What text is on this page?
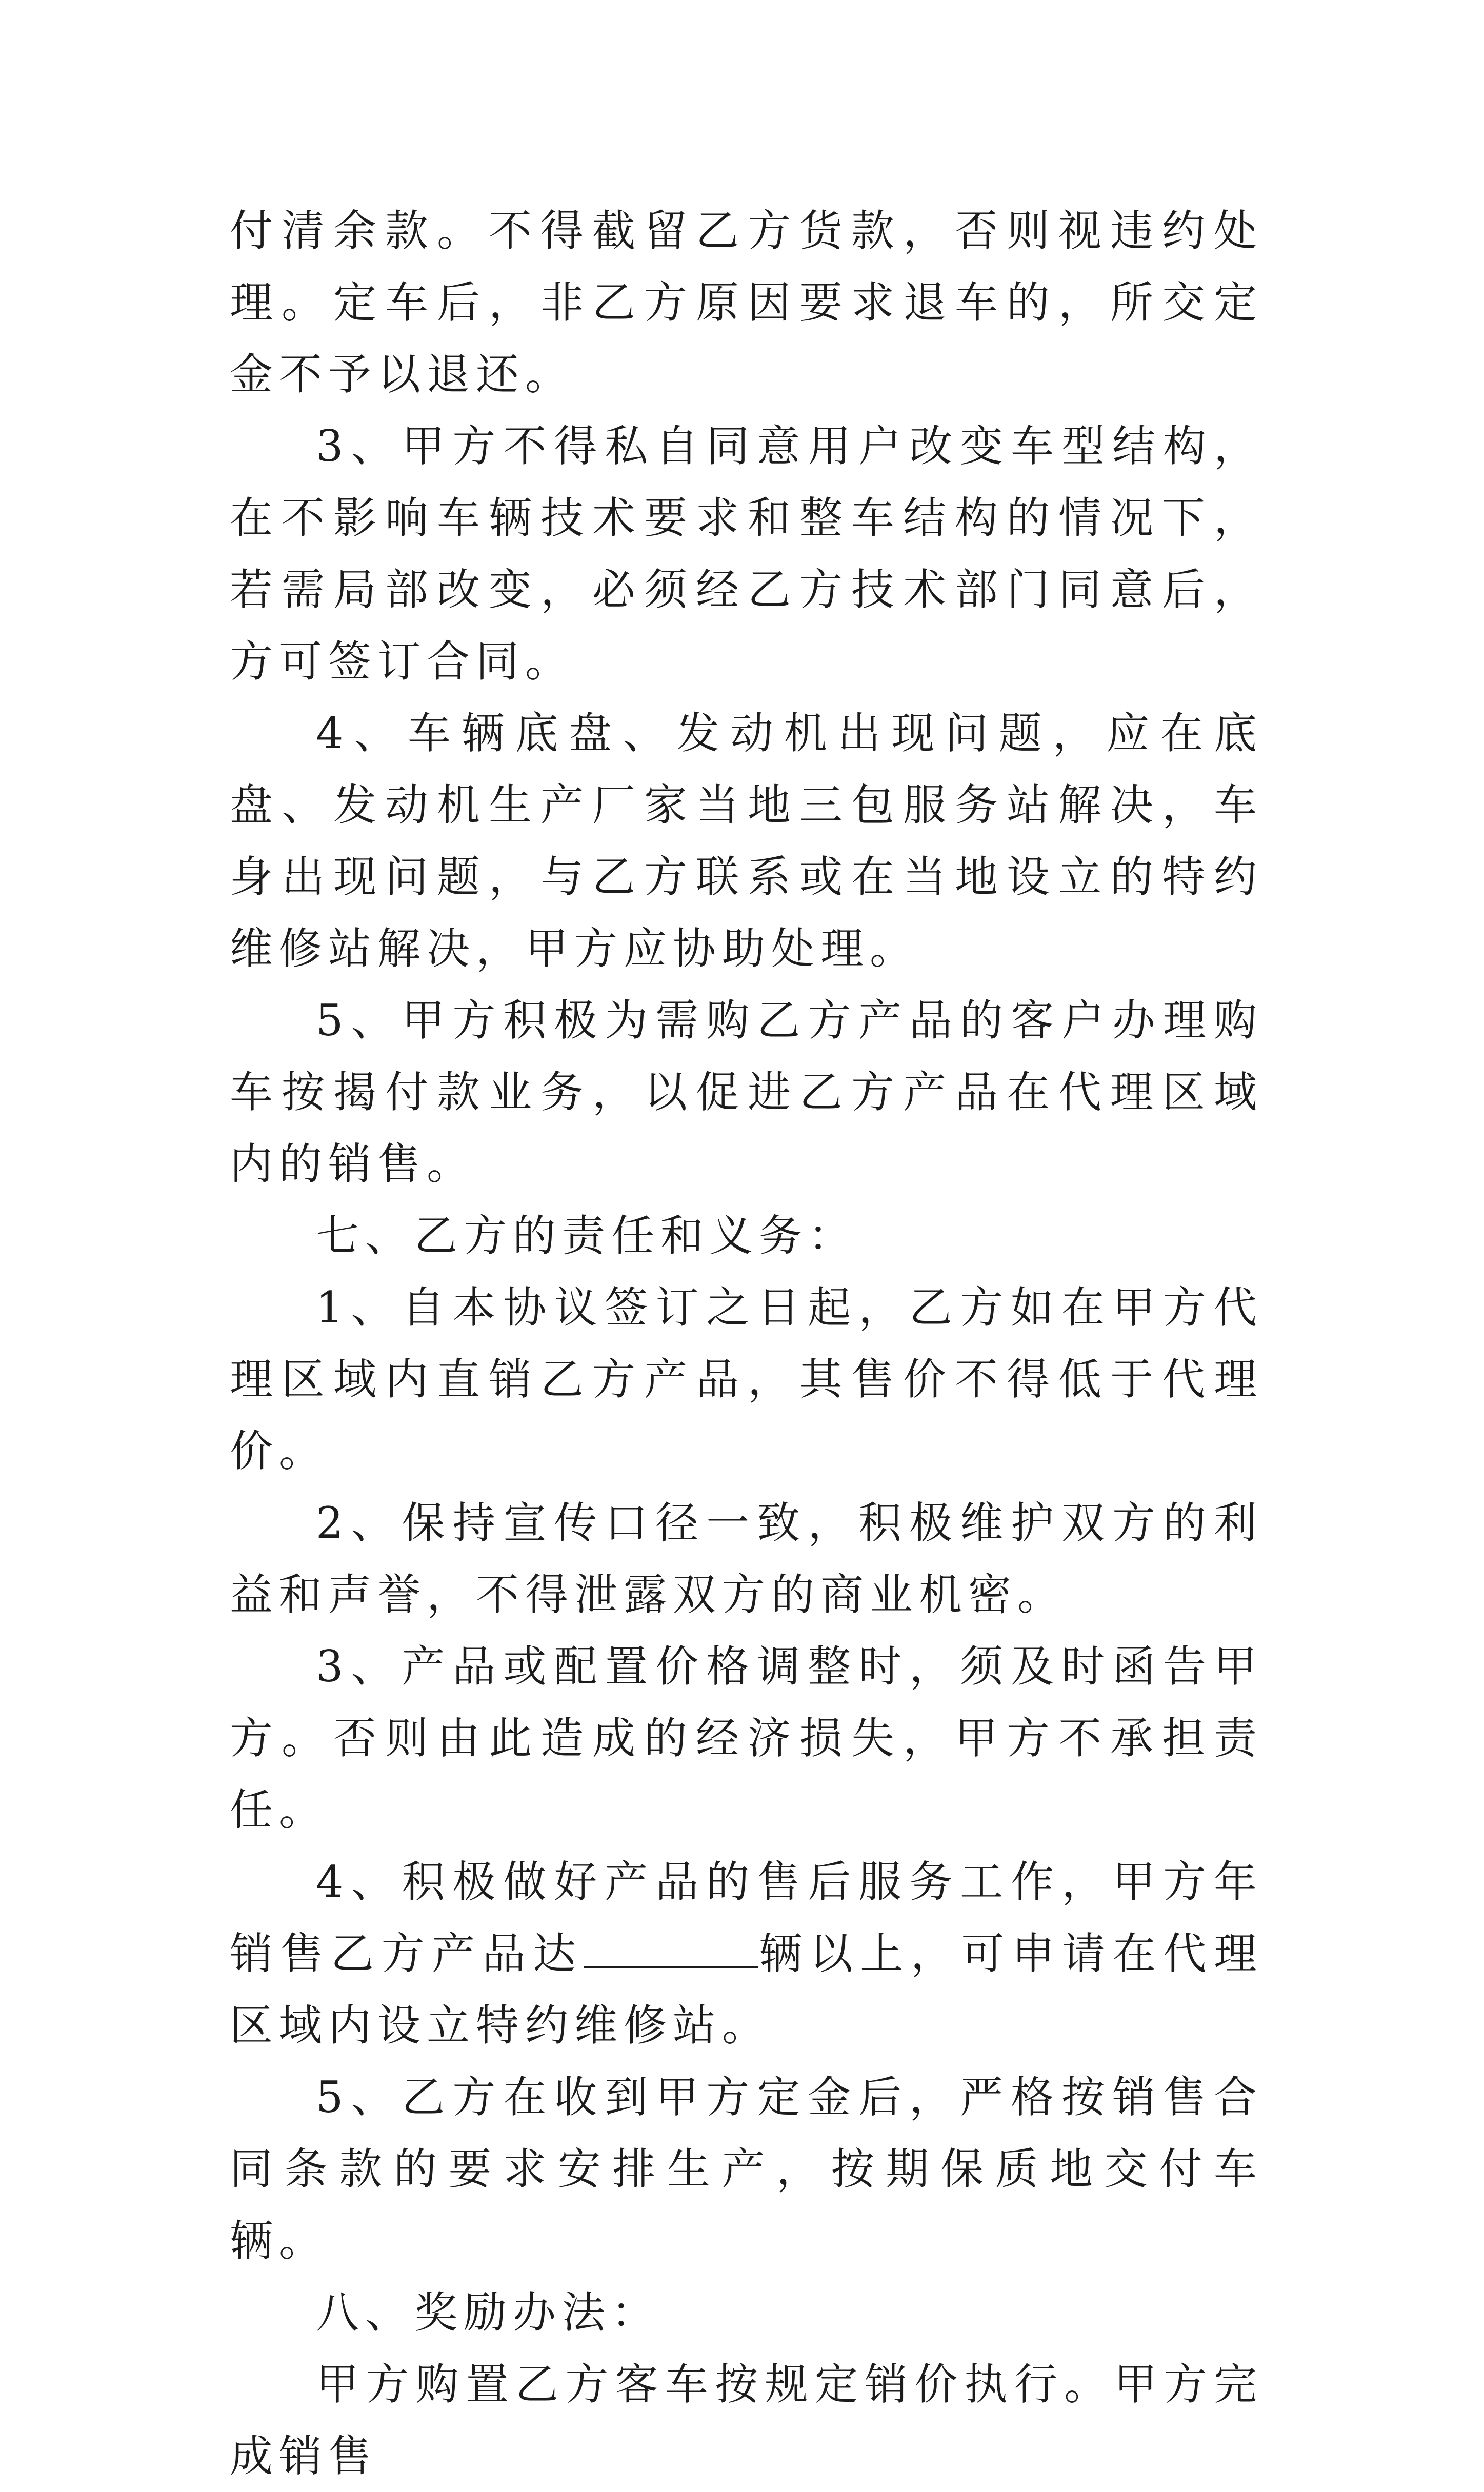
付清余款。不得截留乙方货款，否则视违约处理。定车后，非乙方原因要求退车的，所交定金不予以退还。

3、甲方不得私自同意用户改变车型结构，在不影响车辆技术要求和整车结构的情况下，若需局部改变，必须经乙方技术部门同意后，方可签订合同。

4、车辆底盘、发动机出现问题，应在底盘、发动机生产厂家当地三包服务站解决，车身出现问题，与乙方联系或在当地设立的特约维修站解决，甲方应协助处理。

5、甲方积极为需购乙方产品的客户办理购车按揭付款业务，以促进乙方产品在代理区域内的销售。

七、乙方的责任和义务：

1、自本协议签订之日起，乙方如在甲方代理区域内直销乙方产品，其售价不得低于代理价。

2、保持宣传口径一致，积极维护双方的利益和声誉，不得泄露双方的商业机密。

3、产品或配置价格调整时，须及时函告甲方。否则由此造成的经济损失，甲方不承担责任。

4、积极做好产品的售后服务工作，甲方年销售乙方产品达	辆以上，可申请在代理区域内设立特约维修站。

5、乙方在收到甲方定金后，严格按销售合同条款的要求安排生产，按期保质地交付车辆。

八、奖励办法：

甲方购置乙方客车按规定销价执行。甲方完成销售
